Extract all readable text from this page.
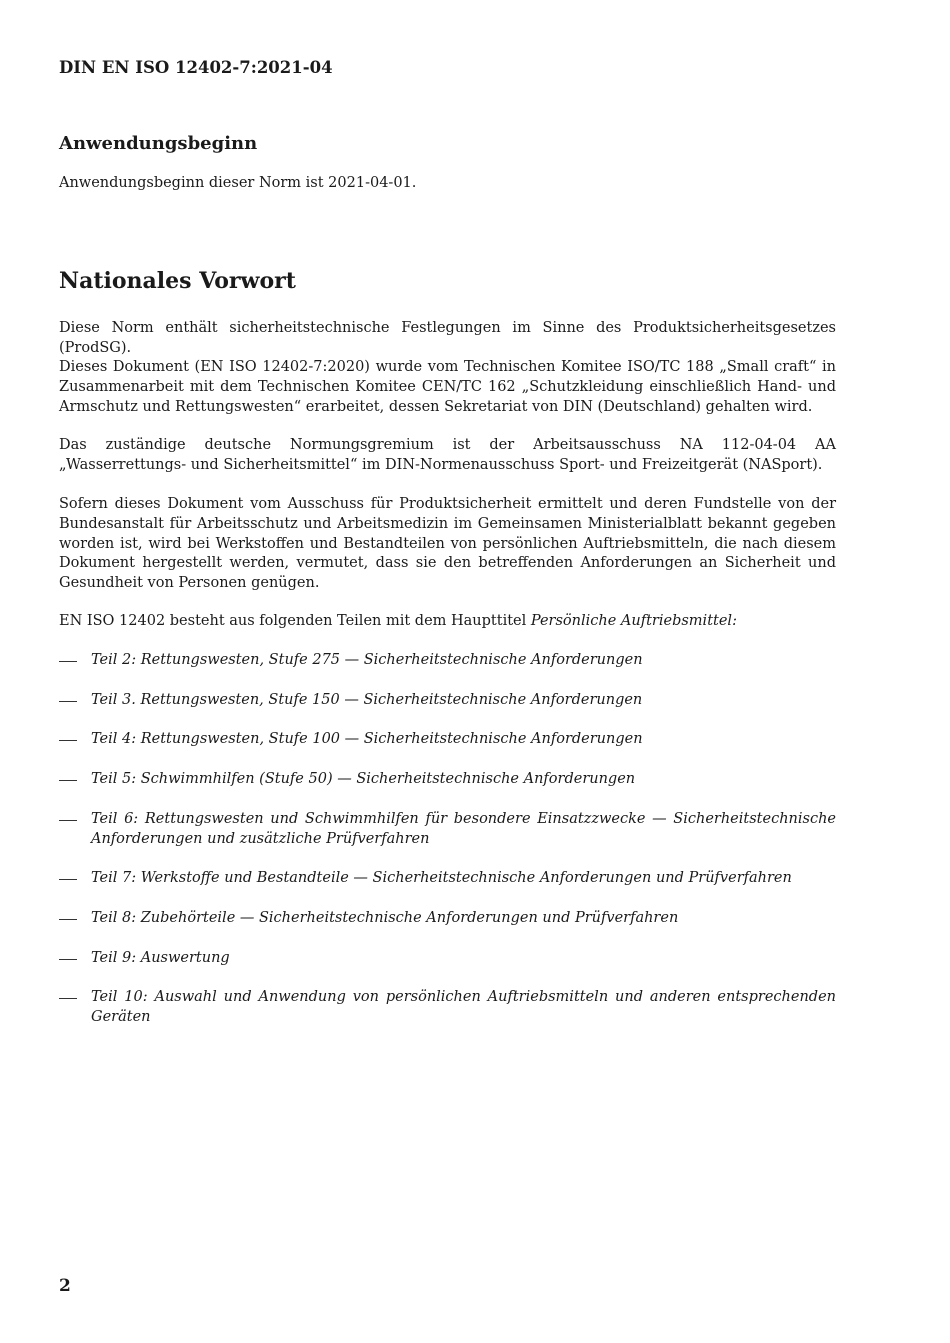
DIN EN ISO 12402-7:2021-04
Anwendungsbeginn
Anwendungsbeginn dieser Norm ist 2021-04-01.
Nationales Vorwort
Diese Norm enthält sicherheitstechnische Festlegungen im Sinne des Produktsicherheitsgesetzes (ProdSG).
Dieses Dokument (EN ISO 12402-7:2020) wurde vom Technischen Komitee ISO/TC 188 „Small craft“ in Zusammenarbeit mit dem Technischen Komitee CEN/TC 162 „Schutzkleidung einschließlich Hand- und Armschutz und Rettungswesten“ erarbeitet, dessen Sekretariat von DIN (Deutschland) gehalten wird.
Das zuständige deutsche Normungsgremium ist der Arbeitsausschuss NA 112-04-04 AA „Wasserrettungs- und Sicherheitsmittel“ im DIN-Normenausschuss Sport- und Freizeitgerät (NASport).
Sofern dieses Dokument vom Ausschuss für Produktsicherheit ermittelt und deren Fundstelle von der Bundesanstalt für Arbeitsschutz und Arbeitsmedizin im Gemeinsamen Ministerialblatt bekannt gegeben worden ist, wird bei Werkstoffen und Bestandteilen von persönlichen Auftriebsmitteln, die nach diesem Dokument hergestellt werden, vermutet, dass sie den betreffenden Anforderungen an Sicherheit und Gesundheit von Personen genügen.
EN ISO 12402 besteht aus folgenden Teilen mit dem Haupttitel Persönliche Auftriebsmittel:
Teil 2: Rettungswesten, Stufe 275 — Sicherheitstechnische Anforderungen
Teil 3. Rettungswesten, Stufe 150 — Sicherheitstechnische Anforderungen
Teil 4: Rettungswesten, Stufe 100 — Sicherheitstechnische Anforderungen
Teil 5: Schwimmhilfen (Stufe 50) — Sicherheitstechnische Anforderungen
Teil 6: Rettungswesten und Schwimmhilfen für besondere Einsatzzwecke — Sicherheitstechnische Anforderungen und zusätzliche Prüfverfahren
Teil 7: Werkstoffe und Bestandteile — Sicherheitstechnische Anforderungen und Prüfverfahren
Teil 8: Zubehörteile — Sicherheitstechnische Anforderungen und Prüfverfahren
Teil 9: Auswertung
Teil 10: Auswahl und Anwendung von persönlichen Auftriebsmitteln und anderen entsprechenden Geräten
2
